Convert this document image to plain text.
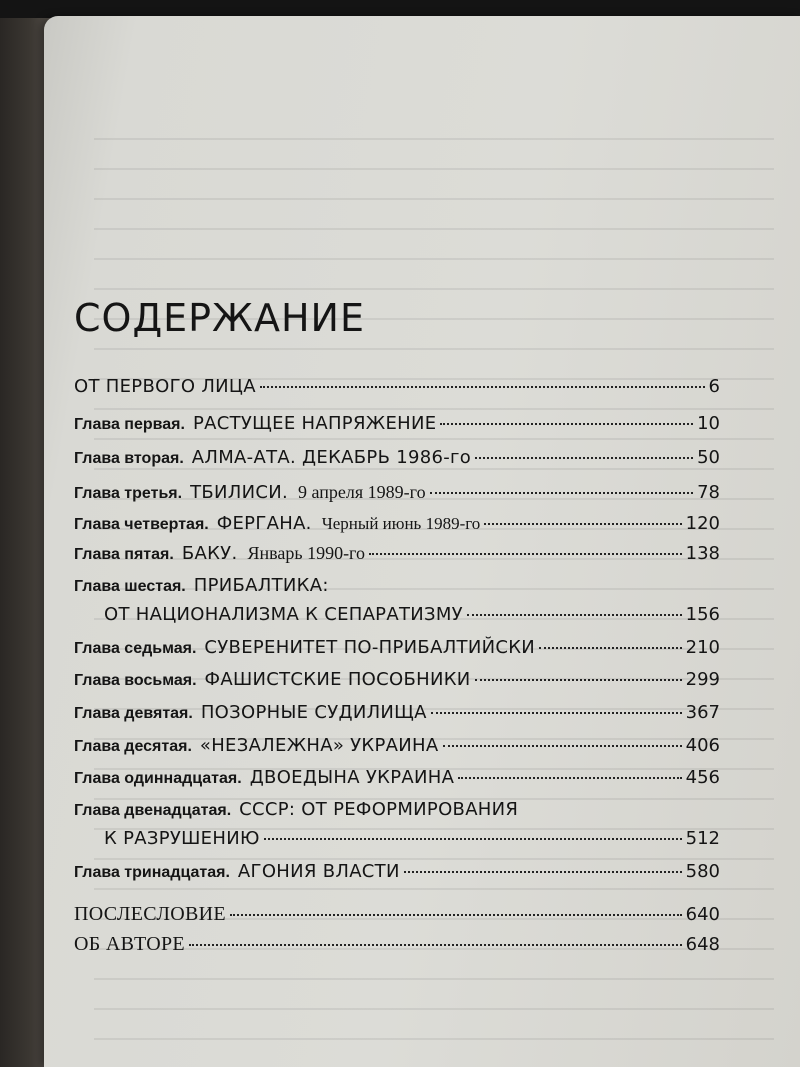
СОДЕРЖАНИЕ
ОТ ПЕРВОГО ЛИЦА	6
Глава первая. РАСТУЩЕЕ НАПРЯЖЕНИЕ	10
Глава вторая. АЛМА-АТА. ДЕКАБРЬ 1986-го	50
Глава третья. ТБИЛИСИ. 9 апреля 1989-го	78
Глава четвертая. ФЕРГАНА. Черный июнь 1989-го	120
Глава пятая. БАКУ. Январь 1990-го	138
Глава шестая. ПРИБАЛТИКА:
ОТ НАЦИОНАЛИЗМА К СЕПАРАТИЗМУ	156
Глава седьмая. СУВЕРЕНИТЕТ ПО-ПРИБАЛТИЙСКИ	210
Глава восьмая. ФАШИСТСКИЕ ПОСОБНИКИ	299
Глава девятая. ПОЗОРНЫЕ СУДИЛИЩА	367
Глава десятая. «НЕЗАЛЕЖНА» УКРАИНА	406
Глава одиннадцатая. ДВОЕДЫНА УКРАИНА	456
Глава двенадцатая. СССР: ОТ РЕФОРМИРОВАНИЯ
К РАЗРУШЕНИЮ	512
Глава тринадцатая. АГОНИЯ ВЛАСТИ	580
ПОСЛЕСЛОВИЕ	640
ОБ АВТОРЕ	648
